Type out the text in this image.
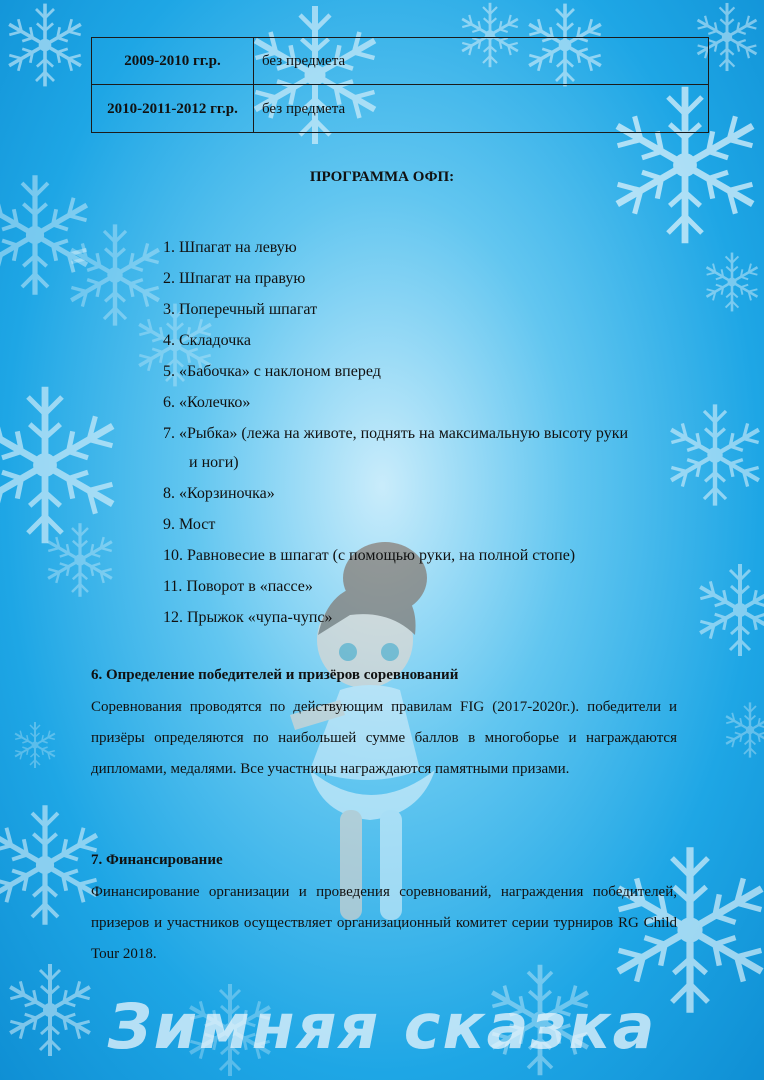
2009-2010 гг.р.	без предмета
2010-2011-2012 гг.р.	без предмета
ПРОГРАММА ОФП:
1. Шпагат на левую
2. Шпагат на правую
3. Поперечный шпагат
4. Складочка
5. «Бабочка» с наклоном вперед
6. «Колечко»
7. «Рыбка» (лежа на животе, поднять на максимальную высоту руки
и ноги)
8. «Корзиночка»
9. Мост
10. Равновесие в шпагат (с помощью руки, на полной стопе)
11. Поворот в «пассе»
12. Прыжок «чупа-чупс»
6. Определение победителей и призёров соревнований
Соревнования проводятся по действующим правилам FIG (2017-2020г.). победители и призёры определяются по наибольшей сумме баллов в многоборье и награждаются дипломами, медалями. Все участницы награждаются памятными призами.
7. Финансирование
Финансирование организации и проведения соревнований, награждения победителей, призеров и участников осуществляет организационный комитет серии турниров RG Child Tour 2018.
Зимняя сказка
